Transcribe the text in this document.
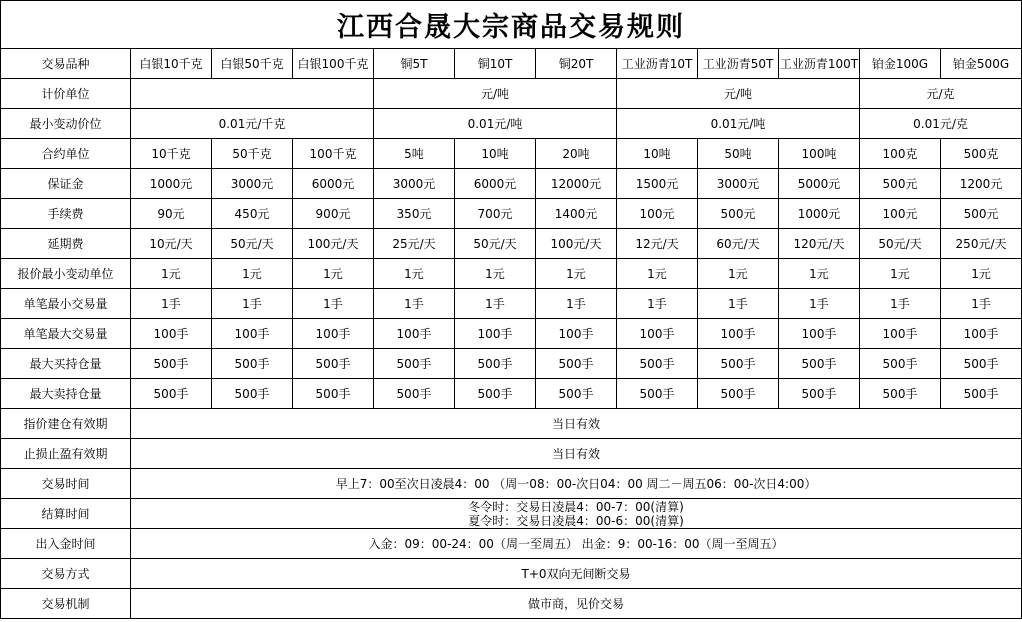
江西合晟大宗商品交易规则											
交易品种	白银10千克	白银50千克	白银100千克	铜5T	铜10T	铜20T	工业沥青10T	工业沥青50T	工业沥青100T	铂金100G	铂金500G
计价单位				元/吨			元/吨			元/克	
最小变动价位	0.01元/千克			0.01元/吨			0.01元/吨			0.01元/克	
合约单位	10千克	50千克	100千克	5吨	10吨	20吨	10吨	50吨	100吨	100克	500克
保证金	1000元	3000元	6000元	3000元	6000元	12000元	1500元	3000元	5000元	500元	1200元
手续费	90元	450元	900元	350元	700元	1400元	100元	500元	1000元	100元	500元
延期费	10元/天	50元/天	100元/天	25元/天	50元/天	100元/天	12元/天	60元/天	120元/天	50元/天	250元/天
报价最小变动单位	1元	1元	1元	1元	1元	1元	1元	1元	1元	1元	1元
单笔最小交易量	1手	1手	1手	1手	1手	1手	1手	1手	1手	1手	1手
单笔最大交易量	100手	100手	100手	100手	100手	100手	100手	100手	100手	100手	100手
最大买持仓量	500手	500手	500手	500手	500手	500手	500手	500手	500手	500手	500手
最大卖持仓量	500手	500手	500手	500手	500手	500手	500手	500手	500手	500手	500手
指价建仓有效期	当日有效										
止损止盈有效期	当日有效										
交易时间	早上7：00至次日凌晨4：00 （周一08：00-次日04：00 周二－周五06：00-次日4:00）										
结算时间	冬令时：交易日凌晨4：00-7：00(清算)
夏令时：交易日凌晨4：00-6：00(清算)										

出入金时间	入金：09：00-24：00（周一至周五） 出金：9：00-16：00（周一至周五）										
交易方式	T+0双向无间断交易										
交易机制	做市商，见价交易										
